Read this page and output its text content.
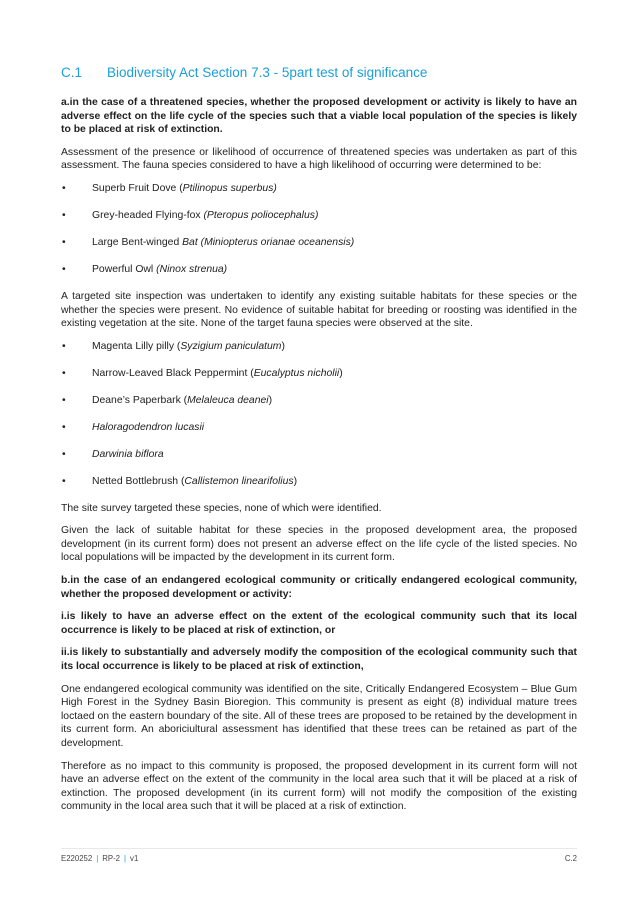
C.1	Biodiversity Act Section 7.3 - 5part test of significance

a.in the case of a threatened species, whether the proposed development or activity is likely to have an adverse effect on the life cycle of the species such that a viable local population of the species is likely to be placed at risk of extinction.

Assessment of the presence or likelihood of occurrence of threatened species was undertaken as part of this assessment. The fauna species considered to have a high likelihood of occurring were determined to be:

•	Superb Fruit Dove (Ptilinopus superbus)
•	Grey-headed Flying-fox (Pteropus poliocephalus)
•	Large Bent-winged Bat (Miniopterus orianae oceanensis)
•	Powerful Owl (Ninox strenua)

A targeted site inspection was undertaken to identify any existing suitable habitats for these species or the whether the species were present. No evidence of suitable habitat for breeding or roosting was identified in the existing vegetation at the site. None of the target fauna species were observed at the site.

•	Magenta Lilly pilly (Syzigium paniculatum)
•	Narrow-Leaved Black Peppermint (Eucalyptus nicholii)
•	Deane’s Paperbark (Melaleuca deanei)
•	Haloragodendron lucasii
•	Darwinia biflora
•	Netted Bottlebrush (Callistemon linearifolius)

The site survey targeted these species, none of which were identified.

Given the lack of suitable habitat for these species in the proposed development area, the proposed development (in its current form) does not present an adverse effect on the life cycle of the listed species. No local populations will be impacted by the development in its current form.

b.in the case of an endangered ecological community or critically endangered ecological community, whether the proposed development or activity:

i.is likely to have an adverse effect on the extent of the ecological community such that its local occurrence is likely to be placed at risk of extinction, or

ii.is likely to substantially and adversely modify the composition of the ecological community such that its local occurrence is likely to be placed at risk of extinction,

One endangered ecological community was identified on the site, Critically Endangered Ecosystem – Blue Gum High Forest in the Sydney Basin Bioregion. This community is present as eight (8) individual mature trees loctaed on the eastern boundary of the site. All of these trees are proposed to be retained by the development in its current form. An aboriciultural assessment has identified that these trees can be retained as part of the development.

Therefore as no impact to this community is proposed, the proposed development in its current form will not have an adverse effect on the extent of the community in the local area such that it will be placed at a risk of extinction. The proposed development (in its current form) will not modify the composition of the existing community in the local area such that it will be placed at a risk of extinction.

E220252 | RP-2 | v1	C.2
